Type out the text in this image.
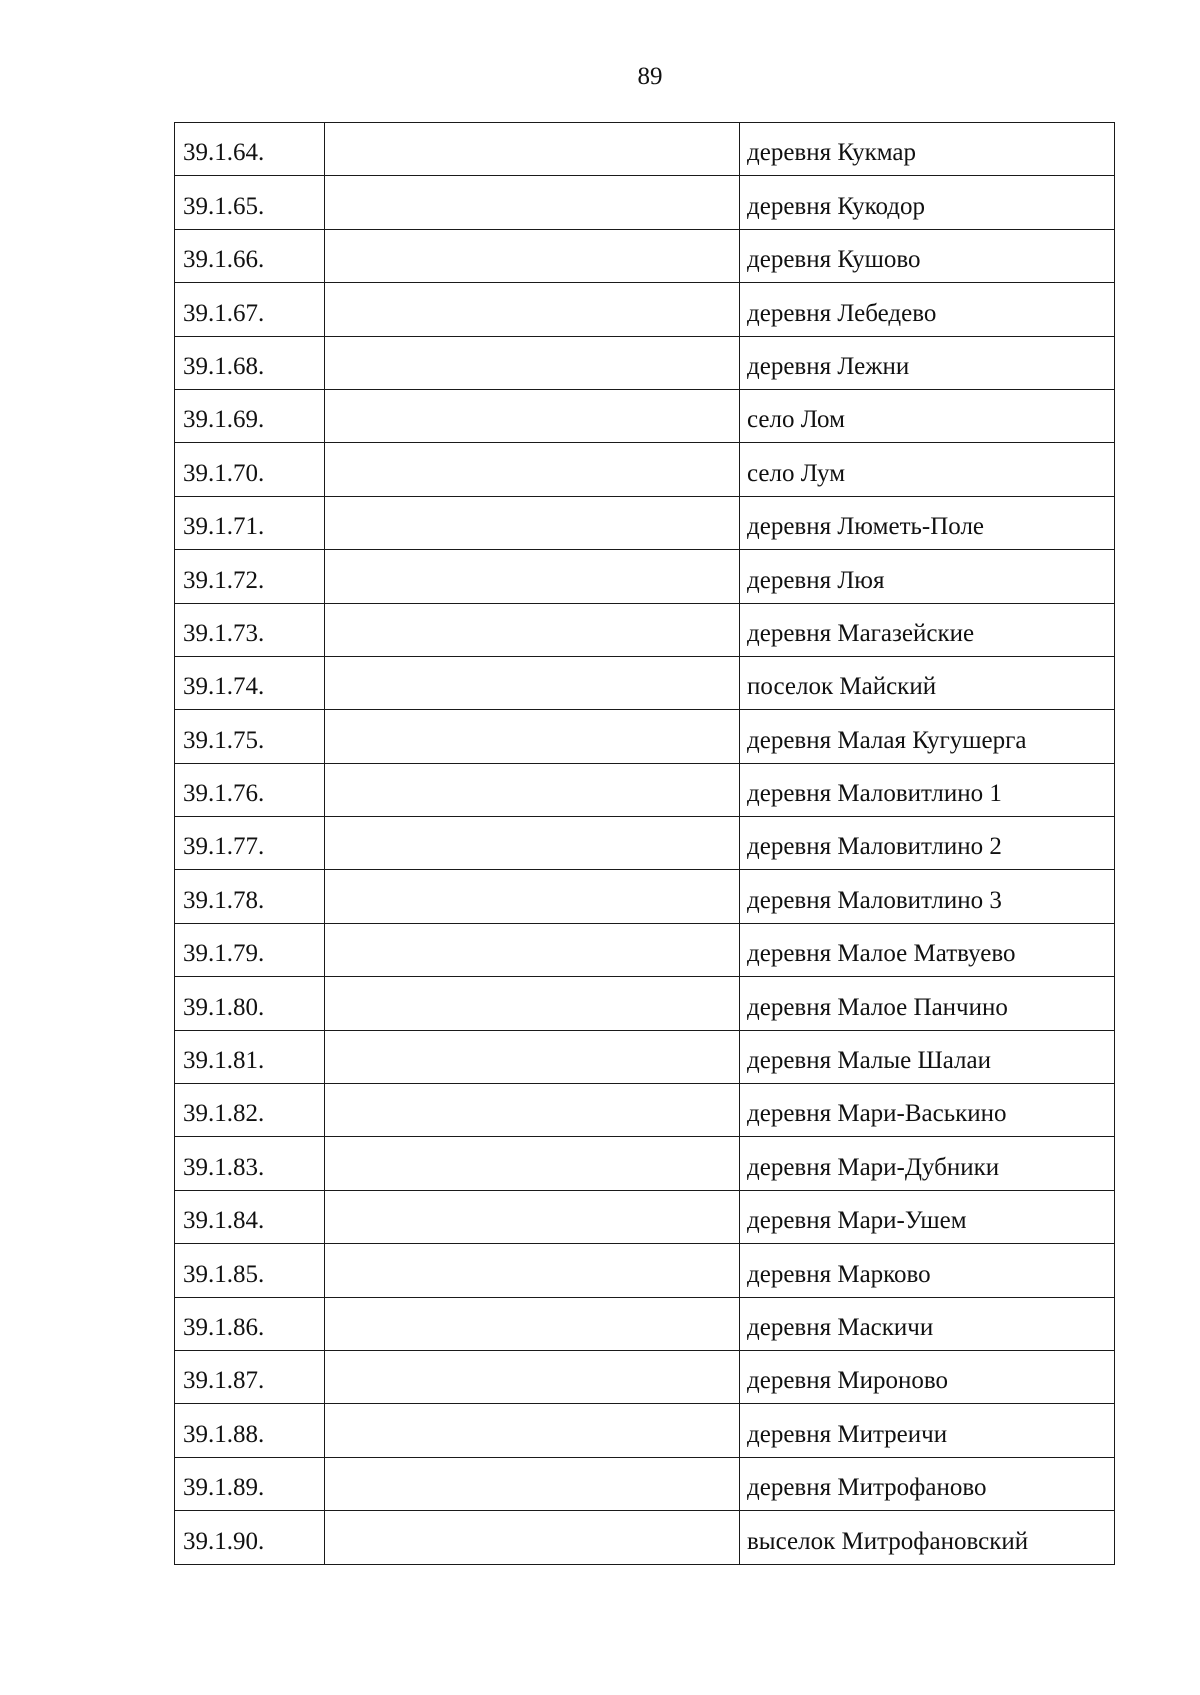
89
39.1.64.		деревня Кукмар
39.1.65.		деревня Кукодор
39.1.66.		деревня Кушово
39.1.67.		деревня Лебедево
39.1.68.		деревня Лежни
39.1.69.		село Лом
39.1.70.		село Лум
39.1.71.		деревня Люметь-Поле
39.1.72.		деревня Люя
39.1.73.		деревня Магазейские
39.1.74.		поселок Майский
39.1.75.		деревня Малая Кугушерга
39.1.76.		деревня Маловитлино 1
39.1.77.		деревня Маловитлино 2
39.1.78.		деревня Маловитлино 3
39.1.79.		деревня Малое Матвуево
39.1.80.		деревня Малое Панчино
39.1.81.		деревня Малые Шалаи
39.1.82.		деревня Мари-Васькино
39.1.83.		деревня Мари-Дубники
39.1.84.		деревня Мари-Ушем
39.1.85.		деревня Марково
39.1.86.		деревня Маскичи
39.1.87.		деревня Мироново
39.1.88.		деревня Митреичи
39.1.89.		деревня Митрофаново
39.1.90.		выселок Митрофановский
